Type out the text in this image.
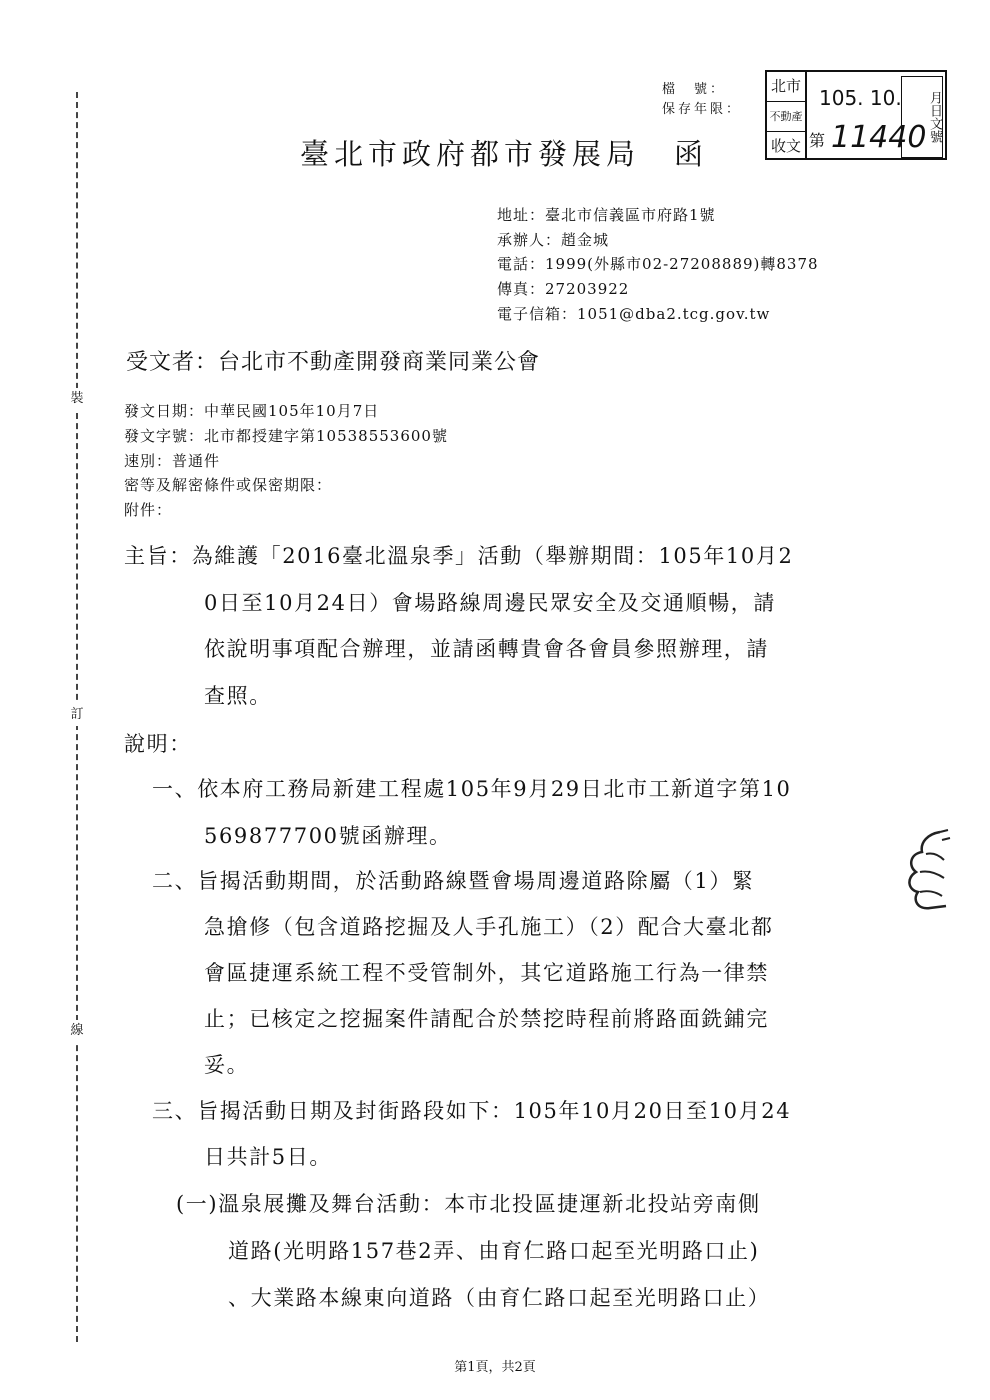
裝
訂
線
檔　號：
保存年限：
北市
不動產
收文
105. 10.
第 11440 月日文號
臺北市政府都市發展局 函
地址：臺北市信義區市府路1號
承辦人：趙金城
電話：1999(外縣市02-27208889)轉8378
傳真：27203922
電子信箱：1051@dba2.tcg.gov.tw
受文者：台北市不動產開發商業同業公會
發文日期：中華民國105年10月7日
發文字號：北市都授建字第10538553600號
速別：普通件
密等及解密條件或保密期限：
附件：
主旨：為維護「2016臺北溫泉季」活動（舉辦期間：105年10月2
0日至10月24日）會場路線周邊民眾安全及交通順暢，請
依說明事項配合辦理，並請函轉貴會各會員參照辦理，請
查照。
說明：
一、依本府工務局新建工程處105年9月29日北市工新道字第10
569877700號函辦理。
二、旨揭活動期間，於活動路線暨會場周邊道路除屬（1）緊
急搶修（包含道路挖掘及人手孔施工）（2）配合大臺北都
會區捷運系統工程不受管制外，其它道路施工行為一律禁
止；已核定之挖掘案件請配合於禁挖時程前將路面銑鋪完
妥。
三、旨揭活動日期及封街路段如下：105年10月20日至10月24
日共計5日。
(一)溫泉展攤及舞台活動：本市北投區捷運新北投站旁南側
道路(光明路157巷2弄、由育仁路口起至光明路口止)
、大業路本線東向道路（由育仁路口起至光明路口止）
第1頁，共2頁
